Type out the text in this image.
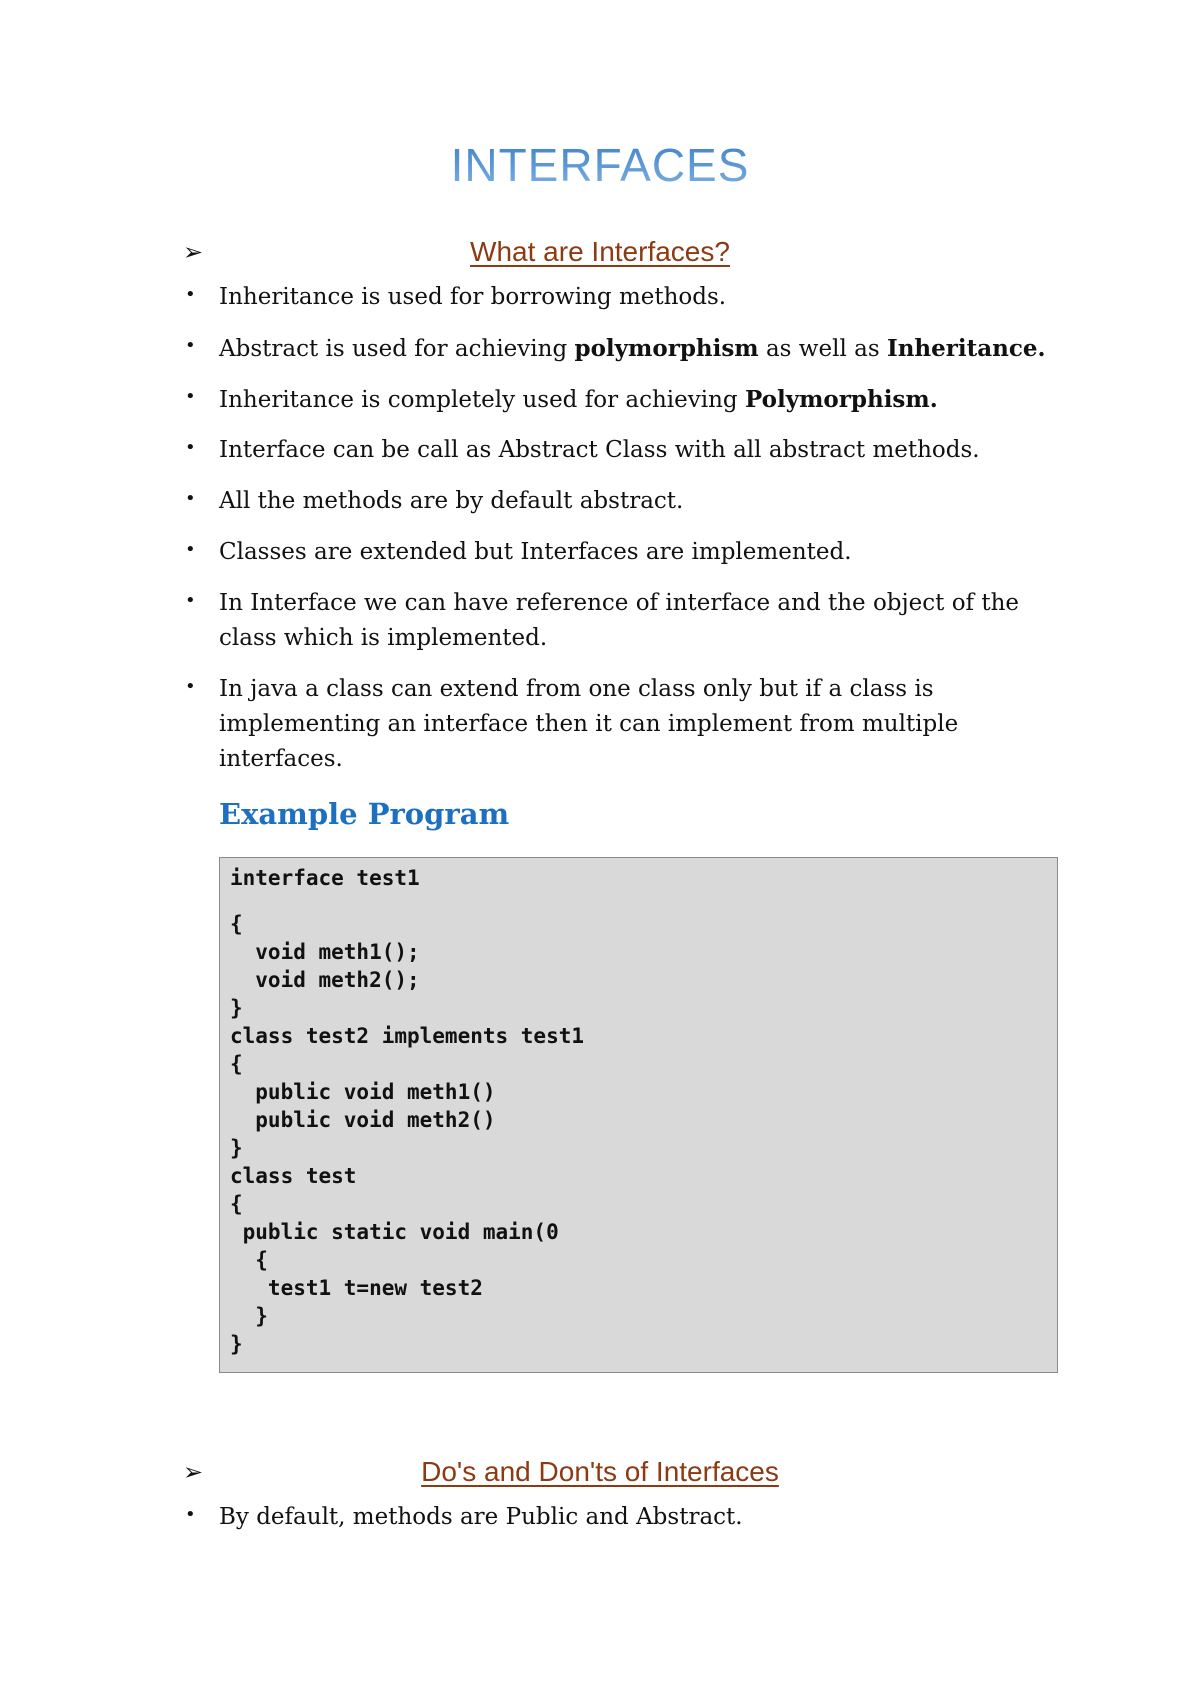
INTERFACES
➢	What are Interfaces?
• Inheritance is used for borrowing methods.
• Abstract is used for achieving polymorphism as well as Inheritance.
• Inheritance is completely used for achieving Polymorphism.
• Interface can be call as Abstract Class with all abstract methods.
• All the methods are by default abstract.
• Classes are extended but Interfaces are implemented.
• In Interface we can have reference of interface and the object of the
class which is implemented.
• In java a class can extend from one class only but if a class is
implementing an interface then it can implement from multiple
interfaces.
Example Program
interface test1
{
void meth1();
void meth2();
}
class test2 implements test1
{
public void meth1()
public void meth2()
}
class test
{
public static void main(0
{
test1 t=new test2
}
}
➢	Do's and Don'ts of Interfaces
• By default, methods are Public and Abstract.
